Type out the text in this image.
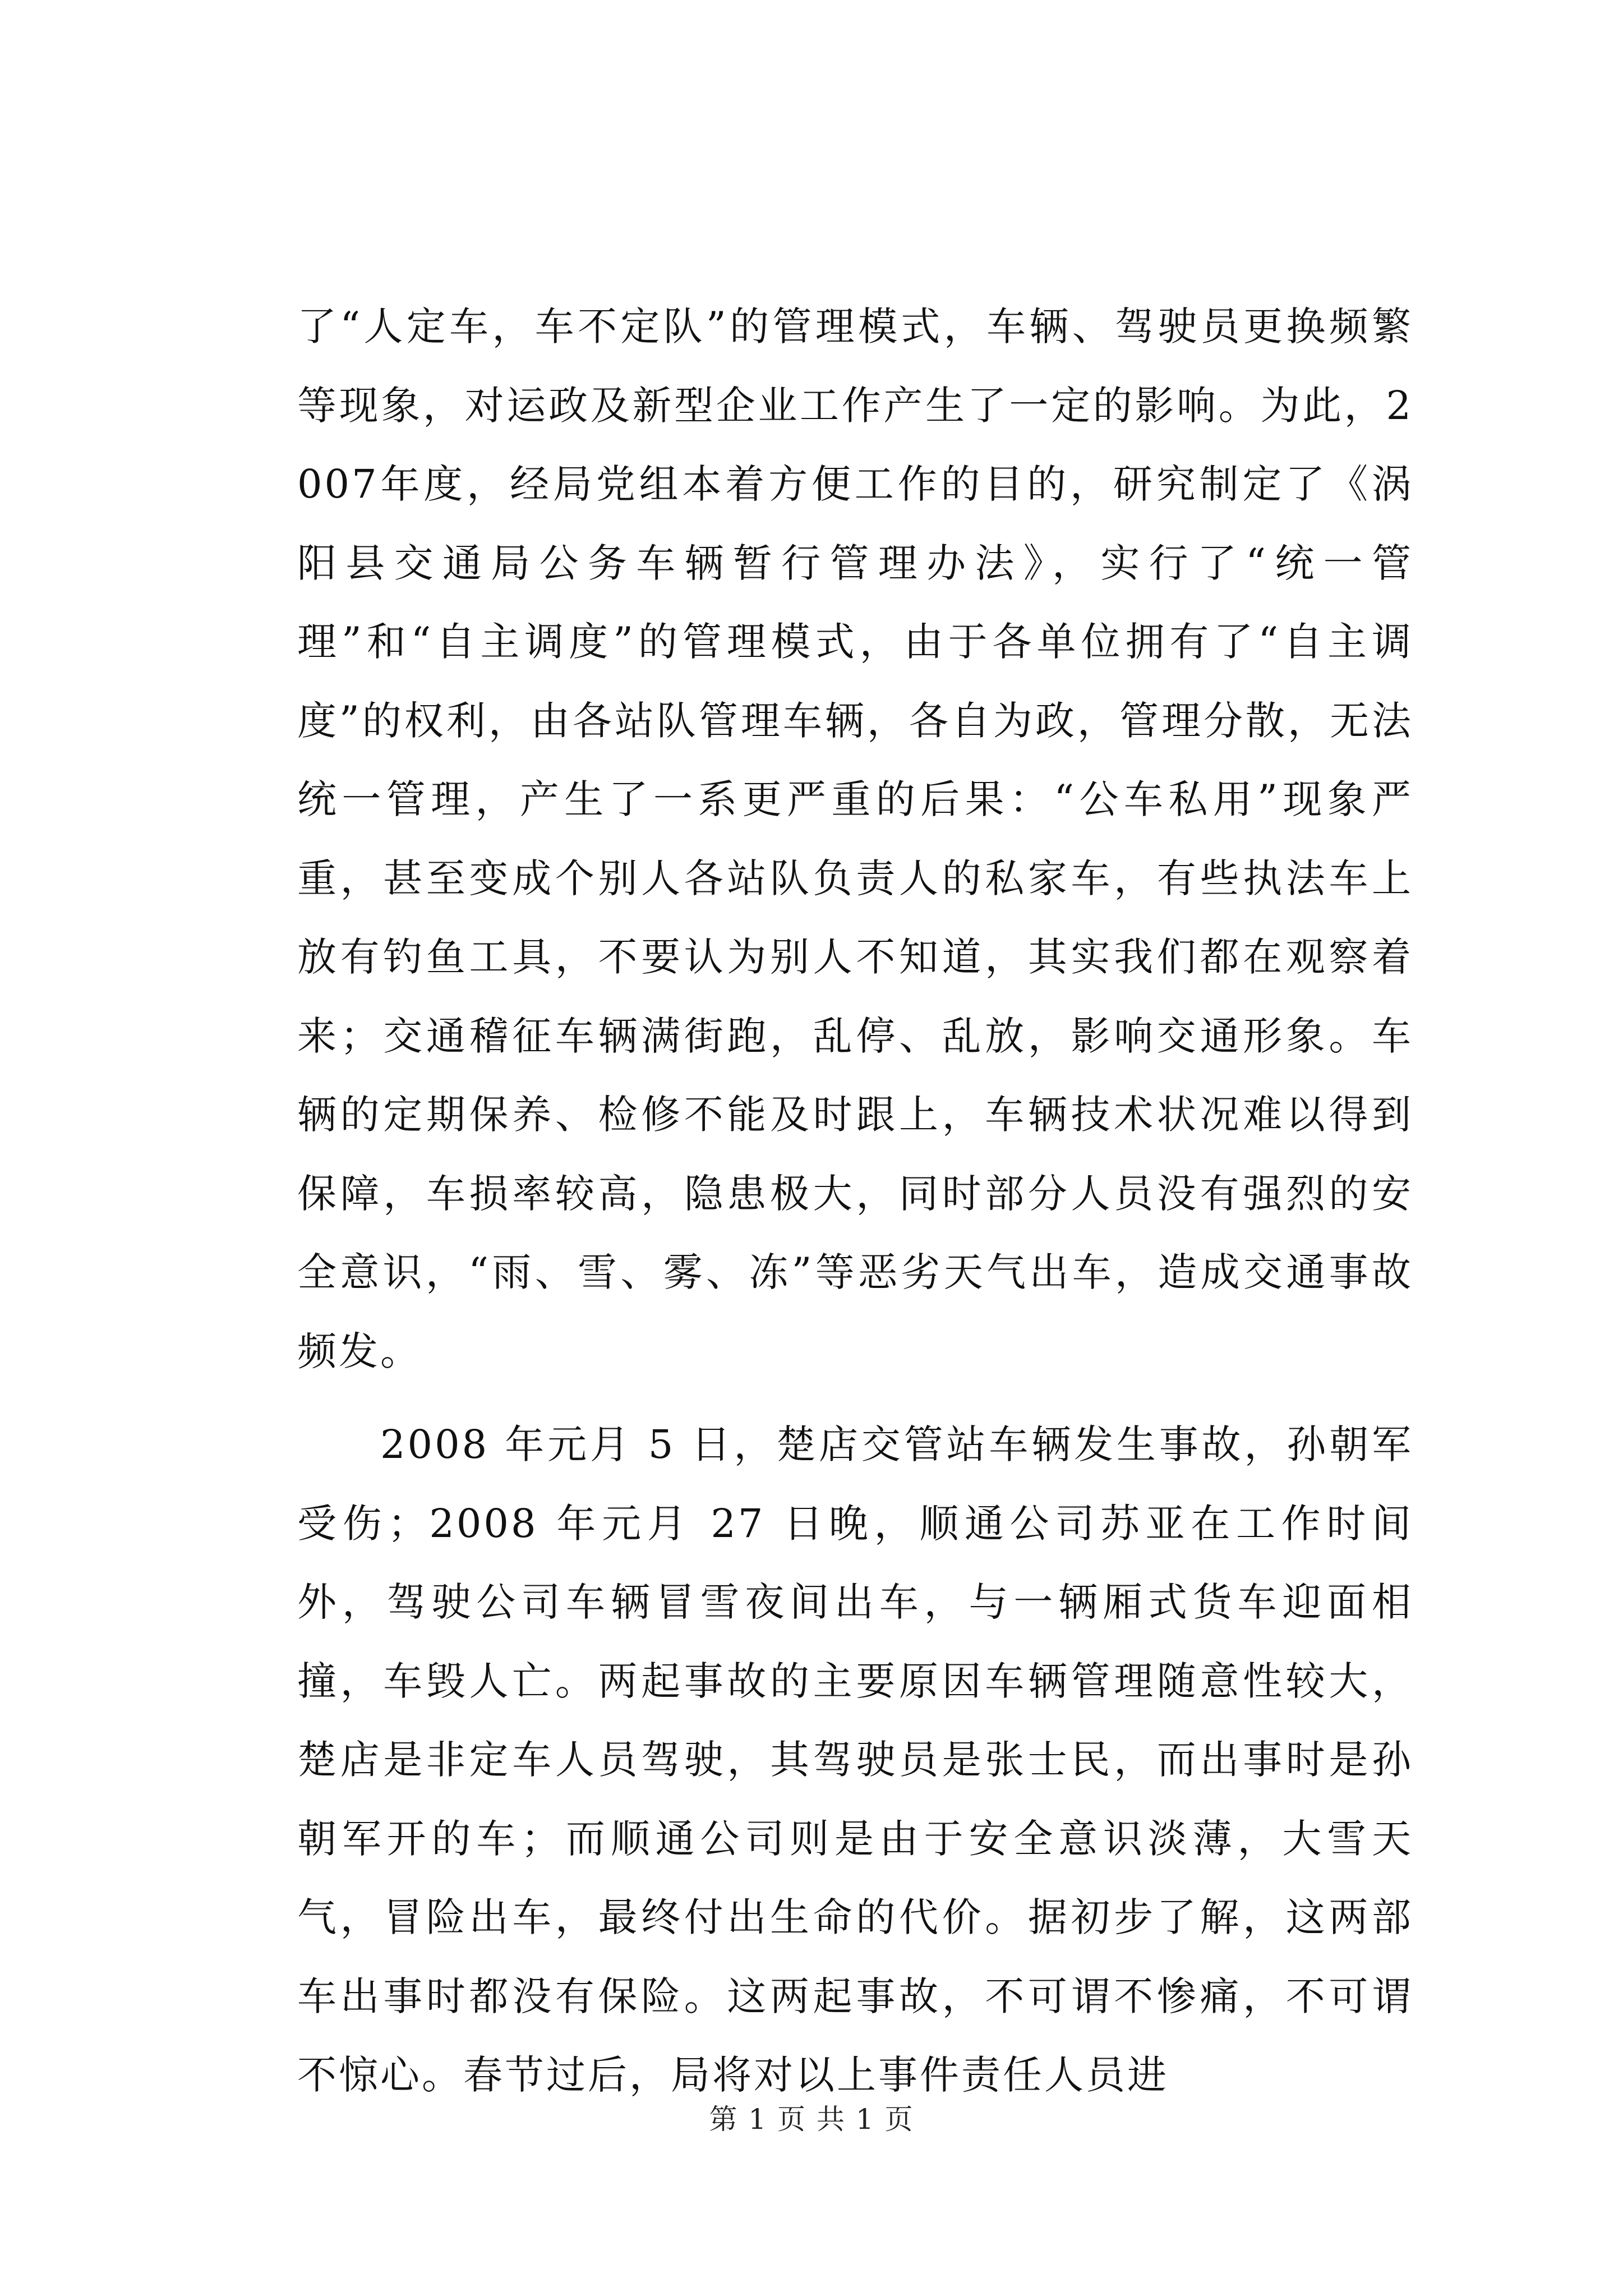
了“人定车，车不定队”的管理模式，车辆、驾驶员更换频繁等现象，对运政及新型企业工作产生了一定的影响。为此，2007年度，经局党组本着方便工作的目的，研究制定了《涡阳县交通局公务车辆暂行管理办法》，实行了“统一管理”和“自主调度”的管理模式，由于各单位拥有了“自主调度”的权利，由各站队管理车辆，各自为政，管理分散，无法统一管理，产生了一系更严重的后果：“公车私用”现象严重，甚至变成个别人各站队负责人的私家车，有些执法车上放有钓鱼工具，不要认为别人不知道，其实我们都在观察着来；交通稽征车辆满街跑，乱停、乱放，影响交通形象。车辆的定期保养、检修不能及时跟上，车辆技术状况难以得到保障，车损率较高，隐患极大，同时部分人员没有强烈的安全意识，“雨、雪、雾、冻”等恶劣天气出车，造成交通事故频发。

2008 年元月 5 日，楚店交管站车辆发生事故，孙朝军受伤；2008 年元月 27 日晚，顺通公司苏亚在工作时间外，驾驶公司车辆冒雪夜间出车，与一辆厢式货车迎面相撞，车毁人亡。两起事故的主要原因车辆管理随意性较大，楚店是非定车人员驾驶，其驾驶员是张士民，而出事时是孙朝军开的车；而顺通公司则是由于安全意识淡薄，大雪天气，冒险出车，最终付出生命的代价。据初步了解，这两部车出事时都没有保险。这两起事故，不可谓不惨痛，不可谓不惊心。春节过后，局将对以上事件责任人员进

第 1 页 共 1 页
